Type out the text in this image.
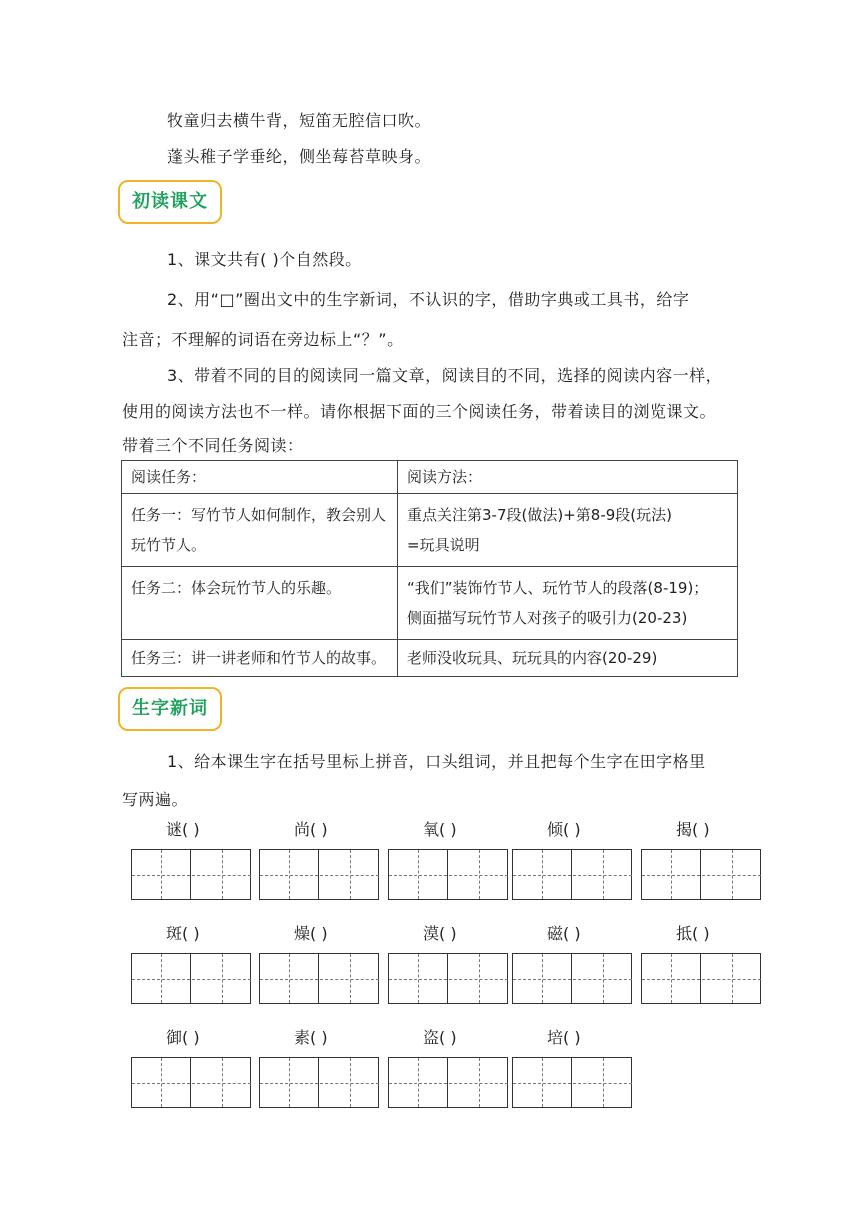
牧童归去横牛背，短笛无腔信口吹。
蓬头稚子学垂纶，侧坐莓苔草映身。
初读课文
1、课文共有( )个自然段。
2、用“□”圈出文中的生字新词，不认识的字，借助字典或工具书，给字
注音；不理解的词语在旁边标上“？”。
3、带着不同的目的阅读同一篇文章，阅读目的不同，选择的阅读内容一样，
使用的阅读方法也不一样。请你根据下面的三个阅读任务，带着读目的浏览课文。
带着三个不同任务阅读：
阅读任务：	阅读方法：
任务一：写竹节人如何制作，教会别人玩竹节人。	重点关注第3-7段(做法)+第8-9段(玩法)
=玩具说明

任务二：体会玩竹节人的乐趣。	“我们”装饰竹节人、玩竹节人的段落(8-19)；
侧面描写玩竹节人对孩子的吸引力(20-23)

任务三：讲一讲老师和竹节人的故事。	老师没收玩具、玩玩具的内容(20-29)
生字新词
1、给本课生字在括号里标上拼音，口头组词，并且把每个生字在田字格里
写两遍。
谜( )	尚( )	氧( )	倾( )	揭( )
斑( )	燥( )	漠( )	磁( )	抵( )
御( )	素( )	盗( )	培( )
